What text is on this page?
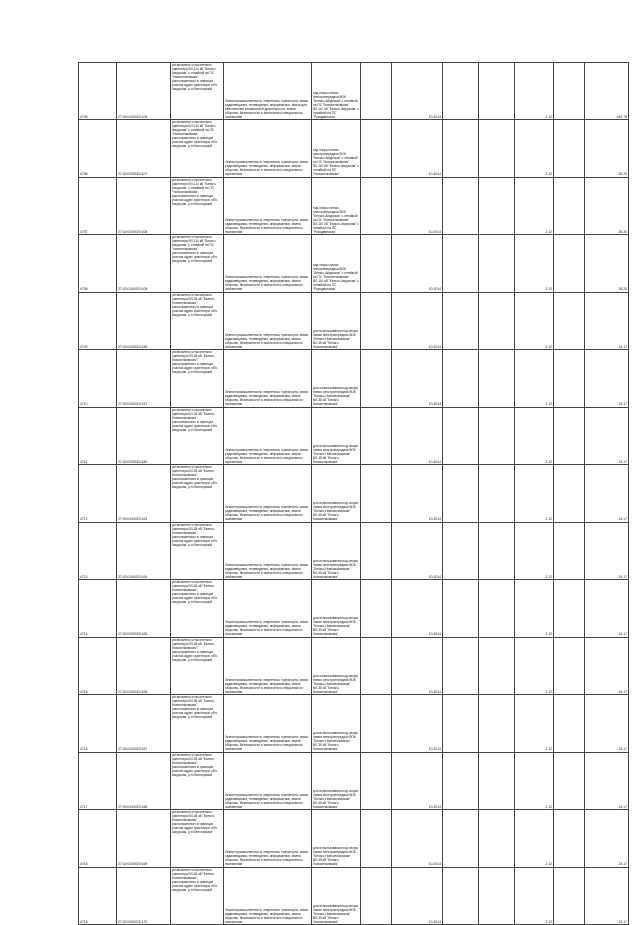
4705	27:02:0100023:106	установлено относительно ориентира ВЛ-110 кВ "Бельго-Амурская" с отпайкой на ПС "Новоселковская", расположенного в границах участка адрес ориентира: обл. Амурская, р-н Белогорский	Земли промышленности, энергетики, транспорта, связи, радиовещания, телевидения, информатики, земли для обеспечения космической деятельности, земли обороны, безопасности и земли иного специального назначения	под опоры линии электропередачи ВОК "Бельго-Амурская" с отпайкой на ПС "Новоселковская" ВЛ-110 кВ "Бельго-Амурская" с отпайкой на ПС "Рукодвинская"		10.2014			2,12		440,78
4706	27:02:0100023:107	установлено относительно ориентира ВЛ-110 кВ "Бельго-Амурская" с отпайкой на ПС "Новоселковская", расположенного в границах участка адрес ориентира: обл. Амурская, р-н Белогорский	Земли промышленности, энергетики, транспорта, связи, радиовещания, телевидения, информатики, земли обороны, безопасности и земли иного специального назначения	под опоры линии электропередачи ВОК "Бельго-Амурская" с отпайкой на ПС "Новоселковская" ВЛ-110 кВ "Бельго-Амурская" с отпайкой на ПС "Новоселковская"		10.2014			2,12		26,20
4707	27:02:0100023:108	установлено относительно ориентира ВЛ-110 кВ "Бельго-Амурская" с отпайкой на ПС "Новоселковская", расположенного в границах участка адрес ориентира: обл. Амурская, р-н Белогорский	Земли промышленности, энергетики, транспорта, связи, радиовещания, телевидения, информатики, земли обороны, безопасности и земли иного специального назначения	под опоры линии электропередачи ВОК "Бельго-Амурская" с отпайкой на ПС "Новоселковская" ВЛ-110 кВ "Бельго-Амурская" с отпайкой на ПС "Рукодвинская"		10.2014			2,12		26,20
4708	27:02:0100023:109	установлено относительно ориентира ВЛ-110 кВ "Бельго-Амурская" с отпайкой на ПС "Новоселковская", расположенного в границах участка адрес ориентира: обл. Амурская, р-н Белогорский	Земли промышленности, энергетики, транспорта, связи, радиовещания, телевидения, информатики, земли обороны, безопасности и земли иного специального назначения	под опоры линии электропередачи ВОК "Бельго-Амурская" с отпайкой на ПС "Новоселковская" ВЛ-110 кВ "Бельго-Амурская" с отпайкой на ПС "Рукодвинская"		10.2014			2,12		26,20
4709	27:02:0100023:156	установлено относительно ориентира ВЛ-35 кВ "Бельго-Новоселковская", расположенного в границах участка адрес ориентира: обл. Амурская, р-н Белогорский	Земли промышленности, энергетики, транспорта, связи, радиовещания, телевидения, информатики, земли обороны, безопасности и земли иного специального назначения	для использования под опоры линии электропередачи ВОК "Бельго-Новоселковская" ВЛ-35 кВ "Бельго-Новоселковская"		10.2014			2,12		24,17
4710	27:02:0100023:157	установлено относительно ориентира ВЛ-35 кВ "Бельго-Новоселковская", расположенного в границах участка адрес ориентира: обл. Амурская, р-н Белогорский	Земли промышленности, энергетики, транспорта, связи, радиовещания, телевидения, информатики, земли обороны, безопасности и земли иного специального назначения	для использования под опоры линии электропередачи ВОК "Бельго-Новоселковская" ВЛ-35 кВ "Бельго-Новоселковская"		10.2014			2,12		24,17
4711	27:02:0100023:160	установлено относительно ориентира ВЛ-35 кВ "Бельго-Новоселковская", расположенного в границах участка адрес ориентира: обл. Амурская, р-н Белогорский	Земли промышленности, энергетики, транспорта, связи, радиовещания, телевидения, информатики, земли обороны, безопасности и земли иного специального назначения	для использования под опоры линии электропередачи ВОК "Бельго-Новоселковская" ВЛ-35 кВ "Бельго-Новоселковская"		10.2014			2,12		24,17
4712	27:02:0100023:163	установлено относительно ориентира ВЛ-35 кВ "Бельго-Новоселковская", расположенного в границах участка адрес ориентира: обл. Амурская, р-н Белогорский	Земли промышленности, энергетики, транспорта, связи, радиовещания, телевидения, информатики, земли обороны, безопасности и земли иного специального назначения	для использования под опоры линии электропередачи ВОК "Бельго-Новоселковская" ВЛ-35 кВ "Бельго-Новоселковская"		10.2014			2,12		24,17
4713	27:02:0100023:164	установлено относительно ориентира ВЛ-35 кВ "Бельго-Новоселковская", расположенного в границах участка адрес ориентира: обл. Амурская, р-н Белогорский	Земли промышленности, энергетики, транспорта, связи, радиовещания, телевидения, информатики, земли обороны, безопасности и земли иного специального назначения	для использования под опоры линии электропередачи ВОК "Бельго-Новоселковская" ВЛ-35 кВ "Бельго-Новоселковская"		10.2014			2,12		24,17
4714	27:02:0100023:165	установлено относительно ориентира ВЛ-35 кВ "Бельго-Новоселковская", расположенного в границах участка адрес ориентира: обл. Амурская, р-н Белогорский	Земли промышленности, энергетики, транспорта, связи, радиовещания, телевидения, информатики, земли обороны, безопасности и земли иного специального назначения	для использования под опоры линии электропередачи ВОК "Бельго-Новоселковская" ВЛ-35 кВ "Бельго-Новоселковская"		10.2014			2,12		24,17
4715	27:02:0100023:166	установлено относительно ориентира ВЛ-35 кВ "Бельго-Новоселковская", расположенного в границах участка адрес ориентира: обл. Амурская, р-н Белогорский	Земли промышленности, энергетики, транспорта, связи, радиовещания, телевидения, информатики, земли обороны, безопасности и земли иного специального назначения	для использования под опоры линии электропередачи ВОК "Бельго-Новоселковская" ВЛ-35 кВ "Бельго-Новоселковская"		10.2014			2,12		24,17
4716	27:02:0100023:167	установлено относительно ориентира ВЛ-35 кВ "Бельго-Новоселковская", расположенного в границах участка адрес ориентира: обл. Амурская, р-н Белогорский	Земли промышленности, энергетики, транспорта, связи, радиовещания, телевидения, информатики, земли обороны, безопасности и земли иного специального назначения	для использования под опоры линии электропередачи ВОК "Бельго-Новоселковская" ВЛ-35 кВ "Бельго-Новоселковская"		10.2014			2,12		24,17
4717	27:02:0100023:168	установлено относительно ориентира ВЛ-35 кВ "Бельго-Новоселковская", расположенного в границах участка адрес ориентира: обл. Амурская, р-н Белогорский	Земли промышленности, энергетики, транспорта, связи, радиовещания, телевидения, информатики, земли обороны, безопасности и земли иного специального назначения	для использования под опоры линии электропередачи ВОК "Бельго-Новоселковская" ВЛ-35 кВ "Бельго-Новоселковская"		10.2014			2,12		24,17
4718	27:02:0100023:169	установлено относительно ориентира ВЛ-35 кВ "Бельго-Новоселковская", расположенного в границах участка адрес ориентира: обл. Амурская, р-н Белогорский	Земли промышленности, энергетики, транспорта, связи, радиовещания, телевидения, информатики, земли обороны, безопасности и земли иного специального назначения	для использования под опоры линии электропередачи ВОК "Бельго-Новоселковская" ВЛ-35 кВ "Бельго-Новоселковская"		10.2014			2,12		24,17
4719	27:02:0100023:170	установлено относительно ориентира ВЛ-35 кВ "Бельго-Новоселковская", расположенного в границах участка адрес ориентира: обл. Амурская, р-н Белогорский	Земли промышленности, энергетики, транспорта, связи, радиовещания, телевидения, информатики, земли обороны, безопасности и земли иного специального назначения	для использования под опоры линии электропередачи ВОК "Бельго-Новоселковская" ВЛ-35 кВ "Бельго-Новоселковская"		10.2014			2,12		24,17
